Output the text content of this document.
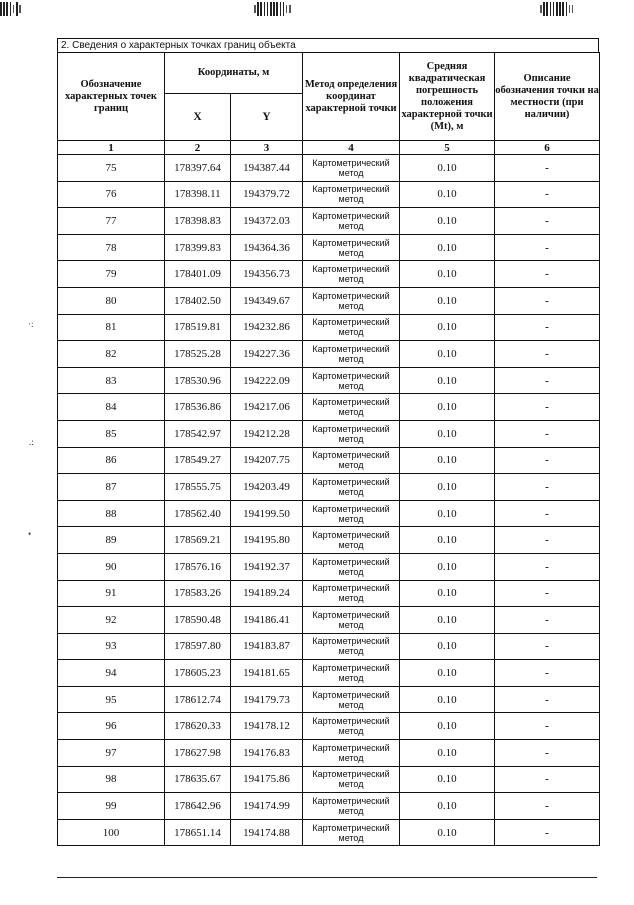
·:
.:
•
2. Сведения о характерных точках границ объекта
Обозначение характерных точек границ	Координаты, м		Метод определения координат характерной точки	Средняя квадратическая погрешность положения характерной точки (Mt), м	Описание обозначения точки на местности (при наличии)
	X	Y			
1	2	3	4	5	6
75	178397.64	194387.44	Картометрический метод	0.10	-
76	178398.11	194379.72	Картометрический метод	0.10	-
77	178398.83	194372.03	Картометрический метод	0.10	-
78	178399.83	194364.36	Картометрический метод	0.10	-
79	178401.09	194356.73	Картометрический метод	0.10	-
80	178402.50	194349.67	Картометрический метод	0.10	-
81	178519.81	194232.86	Картометрический метод	0.10	-
82	178525.28	194227.36	Картометрический метод	0.10	-
83	178530.96	194222.09	Картометрический метод	0.10	-
84	178536.86	194217.06	Картометрический метод	0.10	-
85	178542.97	194212.28	Картометрический метод	0.10	-
86	178549.27	194207.75	Картометрический метод	0.10	-
87	178555.75	194203.49	Картометрический метод	0.10	-
88	178562.40	194199.50	Картометрический метод	0.10	-
89	178569.21	194195.80	Картометрический метод	0.10	-
90	178576.16	194192.37	Картометрический метод	0.10	-
91	178583.26	194189.24	Картометрический метод	0.10	-
92	178590.48	194186.41	Картометрический метод	0.10	-
93	178597.80	194183.87	Картометрический метод	0.10	-
94	178605.23	194181.65	Картометрический метод	0.10	-
95	178612.74	194179.73	Картометрический метод	0.10	-
96	178620.33	194178.12	Картометрический метод	0.10	-
97	178627.98	194176.83	Картометрический метод	0.10	-
98	178635.67	194175.86	Картометрический метод	0.10	-
99	178642.96	194174.99	Картометрический метод	0.10	-
100	178651.14	194174.88	Картометрический метод	0.10	-
